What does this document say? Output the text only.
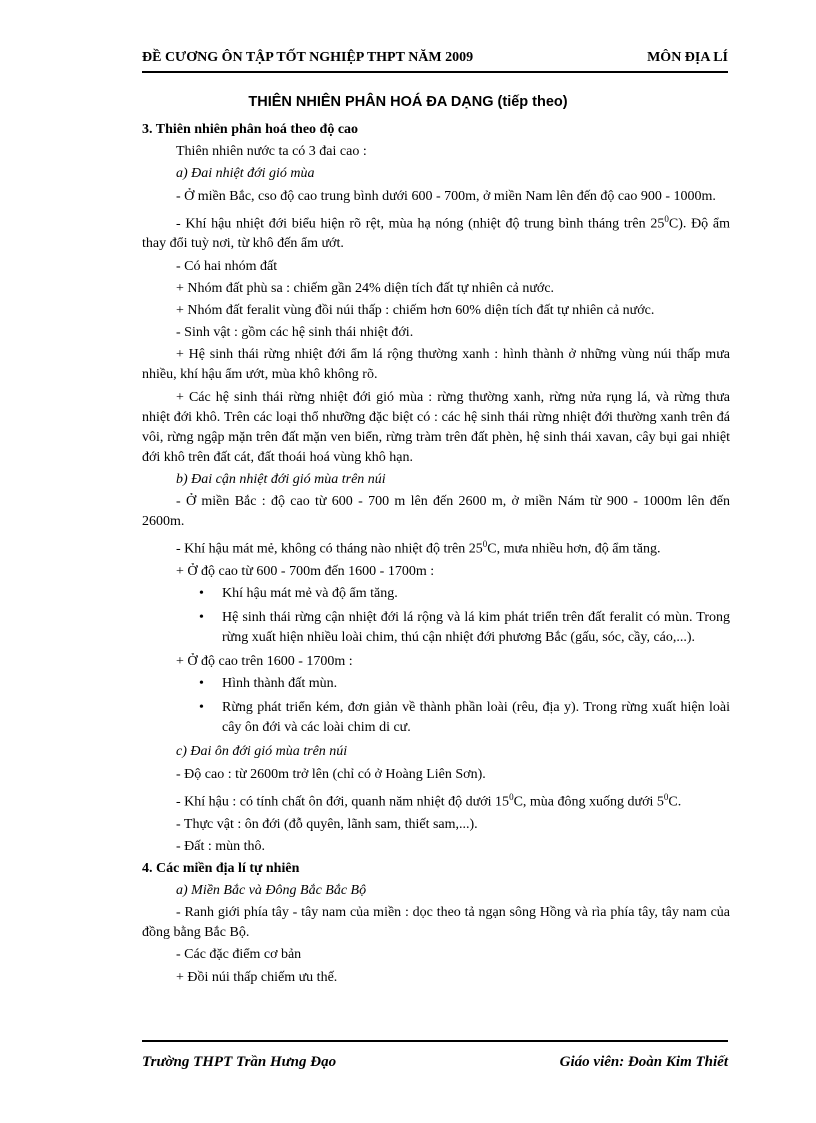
ĐỀ CƯƠNG ÔN TẬP TỐT NGHIỆP THPT NĂM 2009	MÔN ĐỊA LÍ
THIÊN NHIÊN PHÂN HOÁ ĐA DẠNG (tiếp theo)

3. Thiên nhiên phân hoá theo độ cao

Thiên nhiên nước ta có 3 đai cao :

a) Đai nhiệt đới gió mùa

- Ở miền Bắc, cso độ cao trung bình dưới 600 - 700m, ở miền Nam lên đến độ cao 900 - 1000m.

- Khí hậu nhiệt đới biểu hiện rõ rệt, mùa hạ nóng (nhiệt độ trung bình tháng trên $25^0C$). Độ ẩm thay đổi tuỳ nơi, từ khô đến ẩm ướt.

- Có hai nhóm đất

+ Nhóm đất phù sa : chiếm gần 24% diện tích đất tự nhiên cả nước.

+ Nhóm đất feralit vùng đồi núi thấp : chiếm hơn 60% diện tích đất tự nhiên cả nước.

- Sinh vật : gồm các hệ sinh thái nhiệt đới.

+ Hệ sinh thái rừng nhiệt đới ẩm lá rộng thường xanh : hình thành ở những vùng núi thấp mưa nhiều, khí hậu ẩm ướt, mùa khô không rõ.

+ Các hệ sinh thái rừng nhiệt đới gió mùa : rừng thường xanh, rừng nửa rụng lá, và rừng thưa nhiệt đới khô. Trên các loại thổ nhưỡng đặc biệt có : các hệ sinh thái rừng nhiệt đới thường xanh trên đá vôi, rừng ngập mặn trên đất mặn ven biển, rừng tràm trên đất phèn, hệ sinh thái xavan, cây bụi gai nhiệt đới khô trên đất cát, đất thoái hoá vùng khô hạn.

b) Đai cận nhiệt đới gió mùa trên núi

- Ở miền Bắc : độ cao từ 600 - 700 m lên đến 2600 m, ở miền Nám từ 900 - 1000m lên đến 2600m.

- Khí hậu mát mẻ, không có tháng nào nhiệt độ trên $25^0C$, mưa nhiều hơn, độ ẩm tăng.

+ Ở độ cao từ 600 - 700m đến 1600 - 1700m :

• Khí hậu mát mẻ và độ ẩm tăng.
• Hệ sinh thái rừng cận nhiệt đới lá rộng và lá kim phát triển trên đất feralit có mùn. Trong rừng xuất hiện nhiều loài chim, thú cận nhiệt đới phương Bắc (gấu, sóc, cầy, cáo,...).

+ Ở độ cao trên 1600 - 1700m :

• Hình thành đất mùn.
• Rừng phát triển kém, đơn giản về thành phần loài (rêu, địa y). Trong rừng xuất hiện loài cây ôn đới và các loài chim di cư.

c) Đai ôn đới gió mùa trên núi

- Độ cao : từ 2600m trở lên (chỉ có ở Hoàng Liên Sơn).

- Khí hậu : có tính chất ôn đới, quanh năm nhiệt độ dưới $15^0C$, mùa đông xuống dưới $5^0C$.

- Thực vật : ôn đới (đỗ quyên, lãnh sam, thiết sam,...).

- Đất : mùn thô.

4. Các miền địa lí tự nhiên

a) Miền Bắc và Đông Bắc Bắc Bộ

- Ranh giới phía tây - tây nam của miền : dọc theo tả ngạn sông Hồng và rìa phía tây, tây nam của đồng bằng Bắc Bộ.

- Các đặc điểm cơ bản

+ Đồi núi thấp chiếm ưu thế.

Trường THPT Trần Hưng Đạo	Giáo viên: Đoàn Kim Thiết
